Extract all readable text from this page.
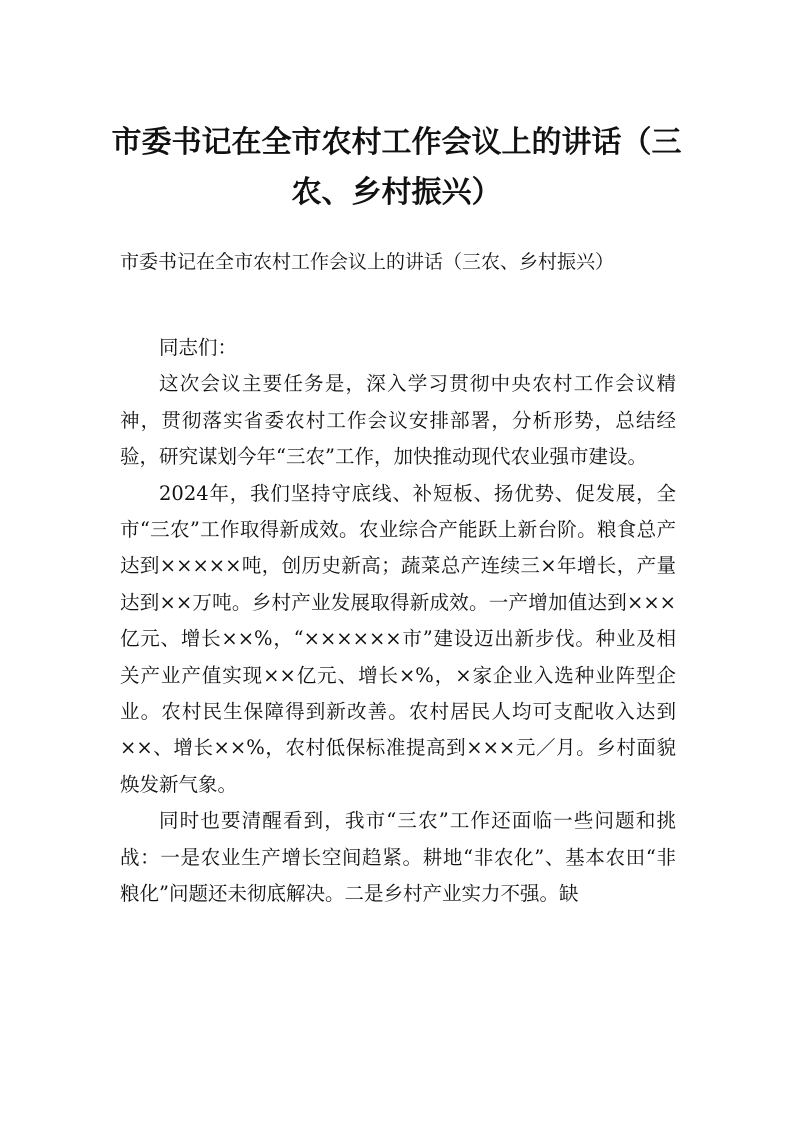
市委书记在全市农村工作会议上的讲话（三农、乡村振兴）

市委书记在全市农村工作会议上的讲话（三农、乡村振兴）

同志们：

这次会议主要任务是，深入学习贯彻中央农村工作会议精神，贯彻落实省委农村工作会议安排部署，分析形势，总结经验，研究谋划今年“三农”工作，加快推动现代农业强市建设。

2024年，我们坚持守底线、补短板、扬优势、促发展，全市“三农”工作取得新成效。农业综合产能跃上新台阶。粮食总产达到×××××吨，创历史新高；蔬菜总产连续三×年增长，产量达到××万吨。乡村产业发展取得新成效。一产增加值达到×××亿元、增长××%，“××××××市”建设迈出新步伐。种业及相关产业产值实现××亿元、增长×%，×家企业入选种业阵型企业。农村民生保障得到新改善。农村居民人均可支配收入达到××、增长××%，农村低保标准提高到×××元／月。乡村面貌焕发新气象。

同时也要清醒看到，我市“三农”工作还面临一些问题和挑战：一是农业生产增长空间趋紧。耕地“非农化”、基本农田“非粮化”问题还未彻底解决。二是乡村产业实力不强。缺
